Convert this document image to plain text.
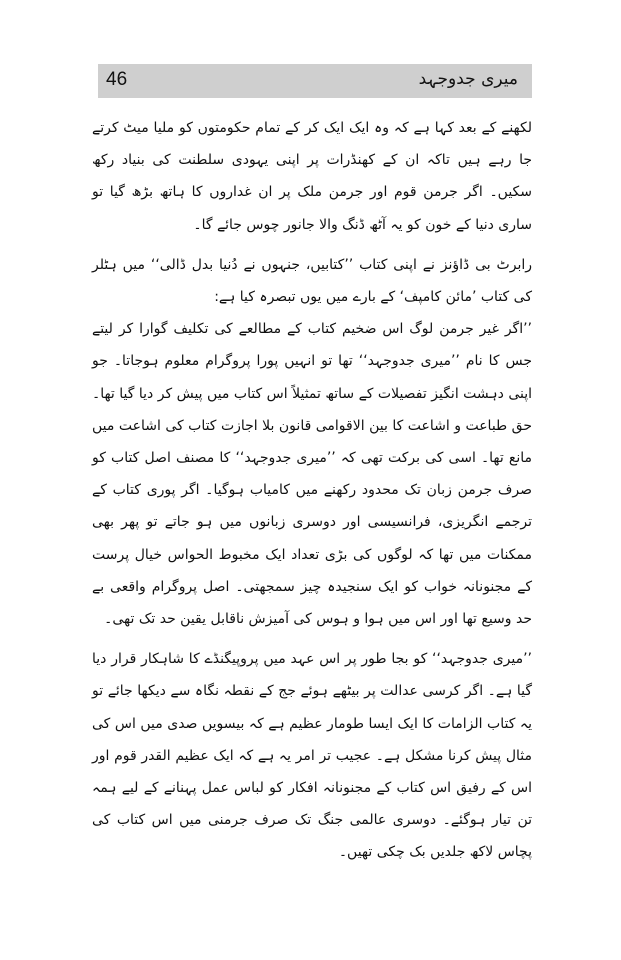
46	میری جدوجہد

لکھنے کے بعد کہا ہے کہ وہ ایک ایک کر کے تمام حکومتوں کو ملیا میٹ کرتے جا رہے ہیں تاکہ ان کے کھنڈرات پر اپنی یہودی سلطنت کی بنیاد رکھ سکیں۔ اگر جرمن قوم اور جرمن ملک پر ان غداروں کا ہاتھ بڑھ گیا تو ساری دنیا کے خون کو یہ آٹھ ڈنگ والا جانور چوس جائے گا۔

رابرٹ بی ڈاؤنز نے اپنی کتاب ’’کتابیں، جنہوں نے دُنیا بدل ڈالی‘‘ میں ہٹلر کی کتاب ’مائن کامپف‘ کے بارے میں یوں تبصرہ کیا ہے:

’’اگر غیر جرمن لوگ اس ضخیم کتاب کے مطالعے کی تکلیف گوارا کر لیتے جس کا نام ’’میری جدوجہد‘‘ تھا تو انہیں پورا پروگرام معلوم ہوجاتا۔ جو اپنی دہشت انگیز تفصیلات کے ساتھ تمثیلاً اس کتاب میں پیش کر دیا گیا تھا۔ حق طباعت و اشاعت کا بین الاقوامی قانون بلا اجازت کتاب کی اشاعت میں مانع تھا۔ اسی کی برکت تھی کہ ’’میری جدوجہد‘‘ کا مصنف اصل کتاب کو صرف جرمن زبان تک محدود رکھنے میں کامیاب ہوگیا۔ اگر پوری کتاب کے ترجمے انگریزی، فرانسیسی اور دوسری زبانوں میں ہو جاتے تو پھر بھی ممکنات میں تھا کہ لوگوں کی بڑی تعداد ایک مخبوط الحواس خیال پرست کے مجنونانہ خواب کو ایک سنجیدہ چیز سمجھتی۔ اصل پروگرام واقعی بے حد وسیع تھا اور اس میں ہوا و ہوس کی آمیزش ناقابل یقین حد تک تھی۔

’’میری جدوجہد‘‘ کو بجا طور پر اس عہد میں پروپیگنڈے کا شاہکار قرار دیا گیا ہے۔ اگر کرسی عدالت پر بیٹھے ہوئے جج کے نقطہ نگاہ سے دیکھا جائے تو یہ کتاب الزامات کا ایک ایسا طومار عظیم ہے کہ بیسویں صدی میں اس کی مثال پیش کرنا مشکل ہے۔ عجیب تر امر یہ ہے کہ ایک عظیم القدر قوم اور اس کے رفیق اس کتاب کے مجنونانہ افکار کو لباس عمل پہنانے کے لیے ہمہ تن تیار ہوگئے۔ دوسری عالمی جنگ تک صرف جرمنی میں اس کتاب کی پچاس لاکھ جلدیں بک چکی تھیں۔
